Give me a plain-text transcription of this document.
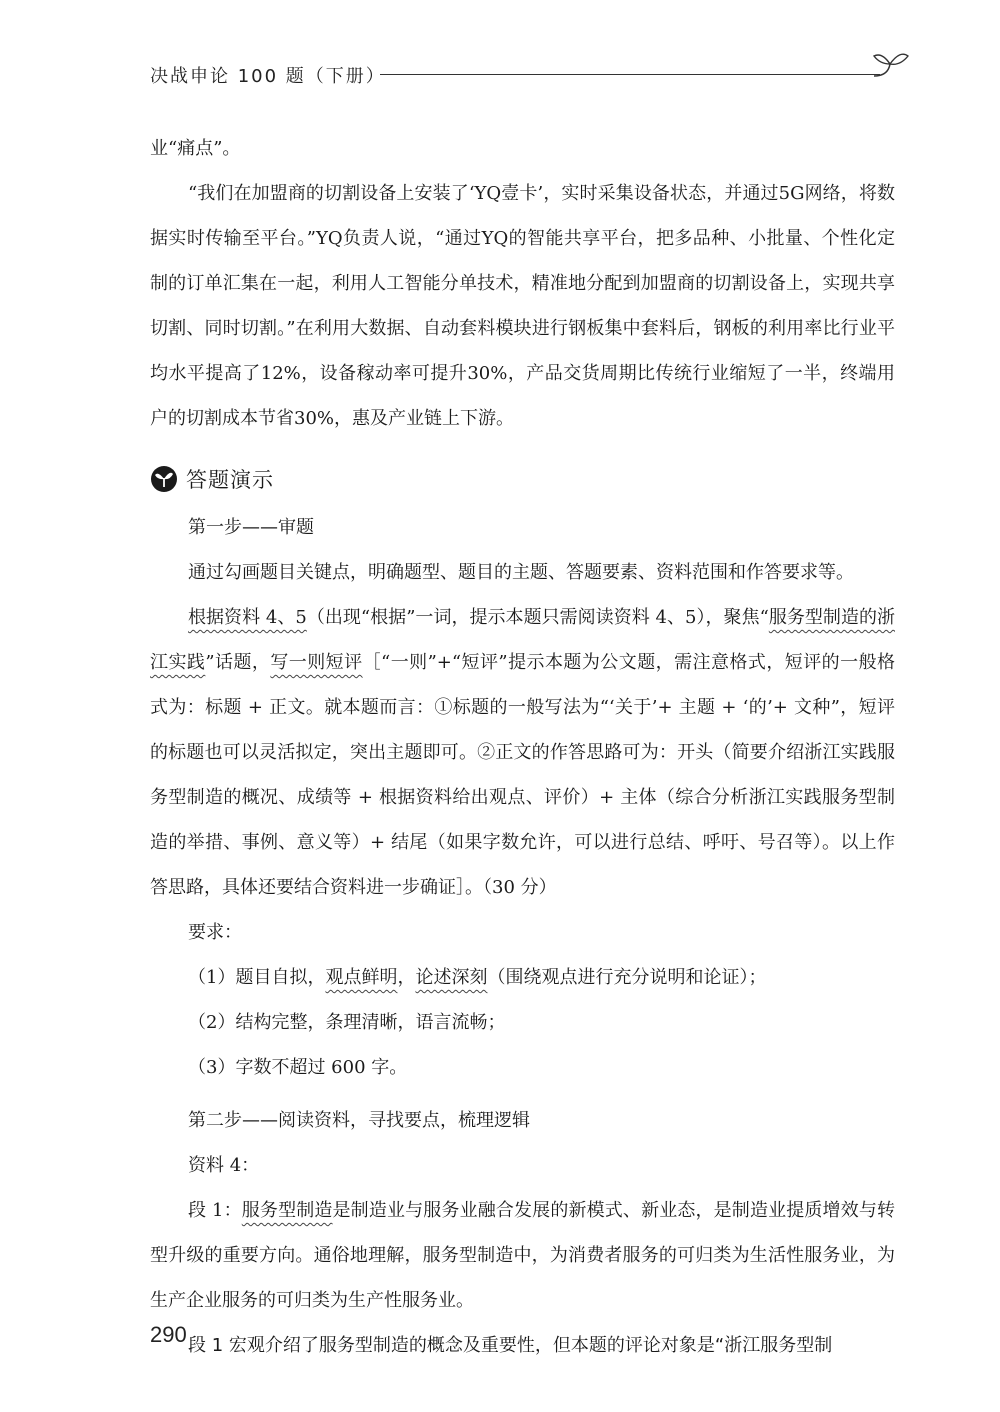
决战申论 100 题（下册）

业“痛点”。

“我们在加盟商的切割设备上安装了‘YQ壹卡’，实时采集设备状态，并通过5G网络，将数据实时传输至平台。”YQ负责人说，“通过YQ的智能共享平台，把多品种、小批量、个性化定制的订单汇集在一起，利用人工智能分单技术，精准地分配到加盟商的切割设备上，实现共享切割、同时切割。”在利用大数据、自动套料模块进行钢板集中套料后，钢板的利用率比行业平均水平提高了12%，设备稼动率可提升30%，产品交货周期比传统行业缩短了一半，终端用户的切割成本节省30%，惠及产业链上下游。

答题演示
第一步——审题

通过勾画题目关键点，明确题型、题目的主题、答题要素、资料范围和作答要求等。

根据资料 4、5（出现“根据”一词，提示本题只需阅读资料 4、5），聚焦“服务型制造的浙江实践”话题，写一则短评［“一则”+“短评”提示本题为公文题，需注意格式，短评的一般格式为：标题 + 正文。就本题而言：①标题的一般写法为“‘关于’+ 主题 + ‘的’+ 文种”，短评的标题也可以灵活拟定，突出主题即可。②正文的作答思路可为：开头（简要介绍浙江实践服务型制造的概况、成绩等 + 根据资料给出观点、评价）+ 主体（综合分析浙江实践服务型制造的举措、事例、意义等）+ 结尾（如果字数允许，可以进行总结、呼吁、号召等）。以上作答思路，具体还要结合资料进一步确证］。（30 分）

要求：

（1）题目自拟，观点鲜明，论述深刻（围绕观点进行充分说明和论证）；

（2）结构完整，条理清晰，语言流畅；

（3）字数不超过 600 字。

第二步——阅读资料，寻找要点，梳理逻辑

资料 4：

段 1：服务型制造是制造业与服务业融合发展的新模式、新业态，是制造业提质增效与转型升级的重要方向。通俗地理解，服务型制造中，为消费者服务的可归类为生活性服务业，为生产企业服务的可归类为生产性服务业。

段 1 宏观介绍了服务型制造的概念及重要性，但本题的评论对象是“浙江服务型制

290
